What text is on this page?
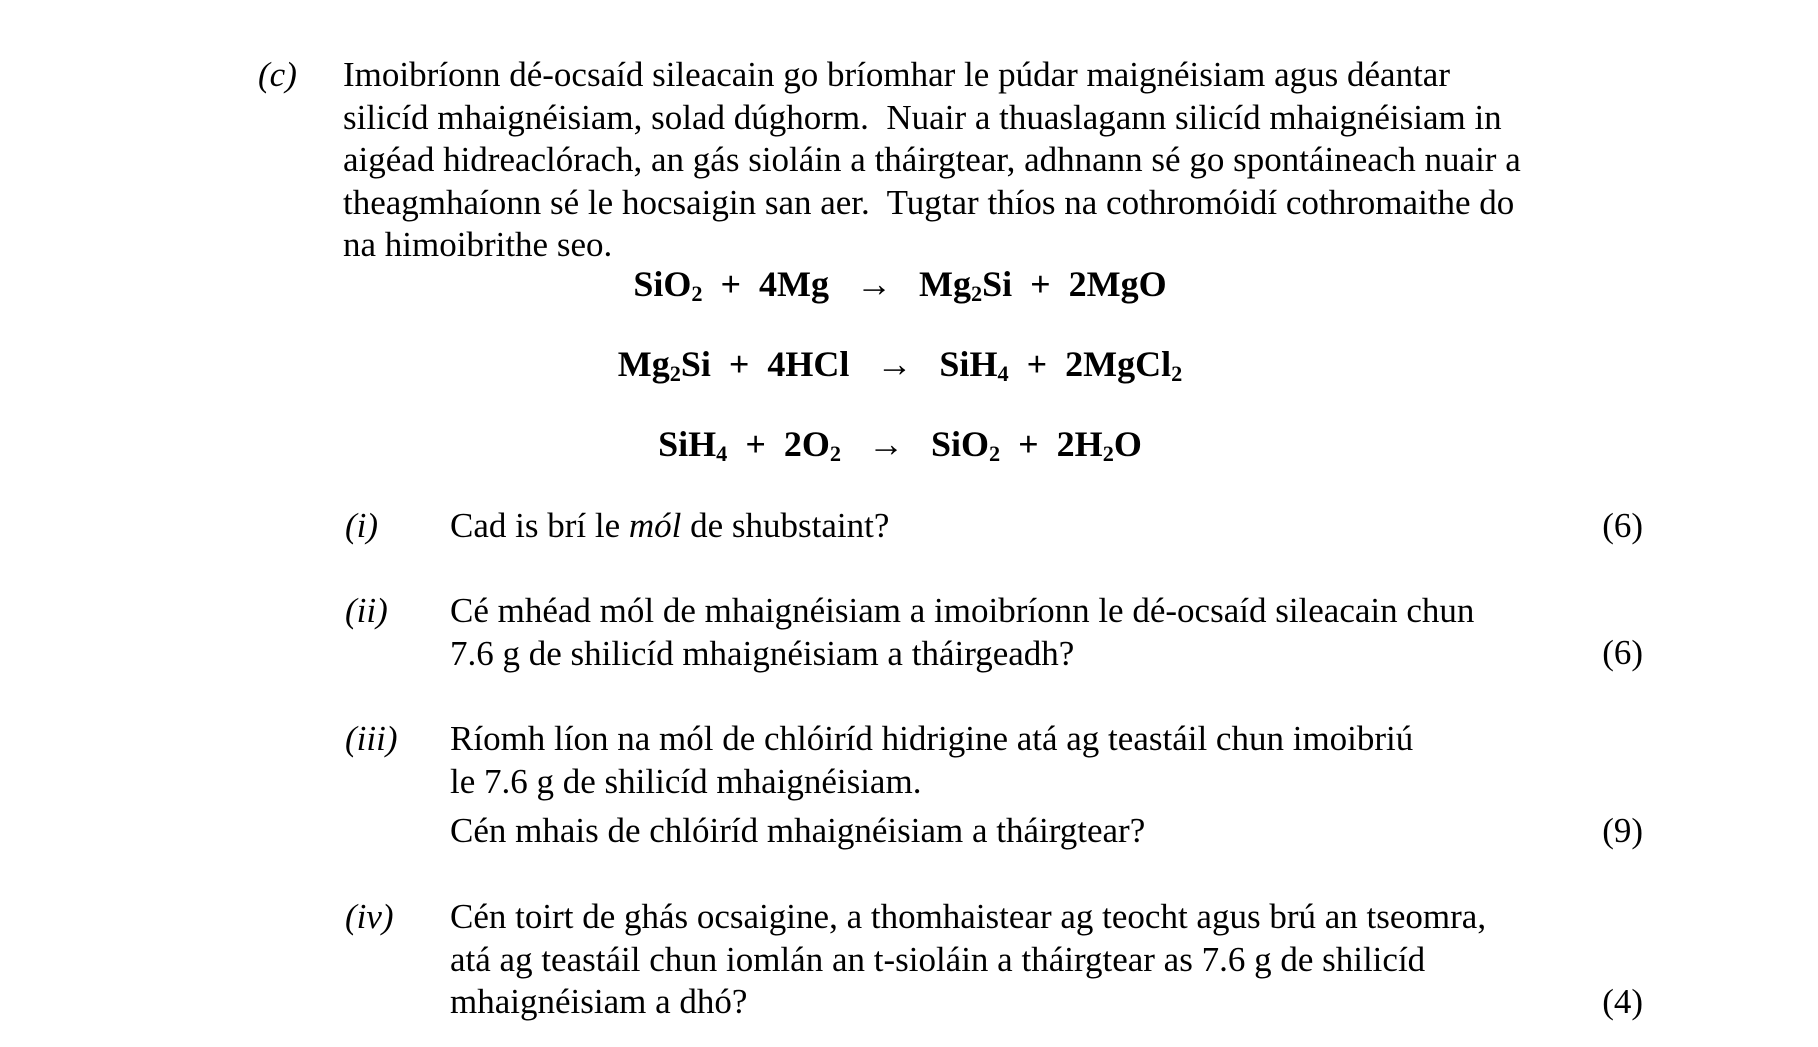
(c) Imoibríonn dé-ocsaíd sileacain go bríomhar le púdar maignéisiam agus déantar
silicíd mhaignéisiam, solad dúghorm.  Nuair a thuaslagann silicíd mhaignéisiam in
aigéad hidreaclórach, an gás sioláin a tháirgtear, adhnann sé go spontáineach nuair a
theagmhaíonn sé le hocsaigin san aer.  Tugtar thíos na cothromóidí cothromaithe do
na himoibrithe seo.
$SiO_2 + 4Mg \to Mg_2Si + 2MgO$
$Mg_2Si + 4HCl \to SiH_4$  +  2MgCl$_2$
$SiH_4 + 2O_2 \to SiO_2 + 2H_2O$
(i) Cad is brí le mól de shubstaint?	(6)
(ii) Cé mhéad mól de mhaignéisiam a imoibríonn le dé-ocsaíd sileacain chun
7.6 g de shilicíd mhaignéisiam a tháirgeadh?	(6)
(iii) Ríomh líon na mól de chlóiríd hidrigine atá ag teastáil chun imoibriú
le 7.6 g de shilicíd mhaignéisiam.
Cén mhais de chlóiríd mhaignéisiam a tháirgtear?	(9)
(iv) Cén toirt de ghás ocsaigine, a thomhaistear ag teocht agus brú an tseomra,
atá ag teastáil chun iomlán an t-sioláin a tháirgtear as 7.6 g de shilicíd
mhaignéisiam a dhó?	(4)
